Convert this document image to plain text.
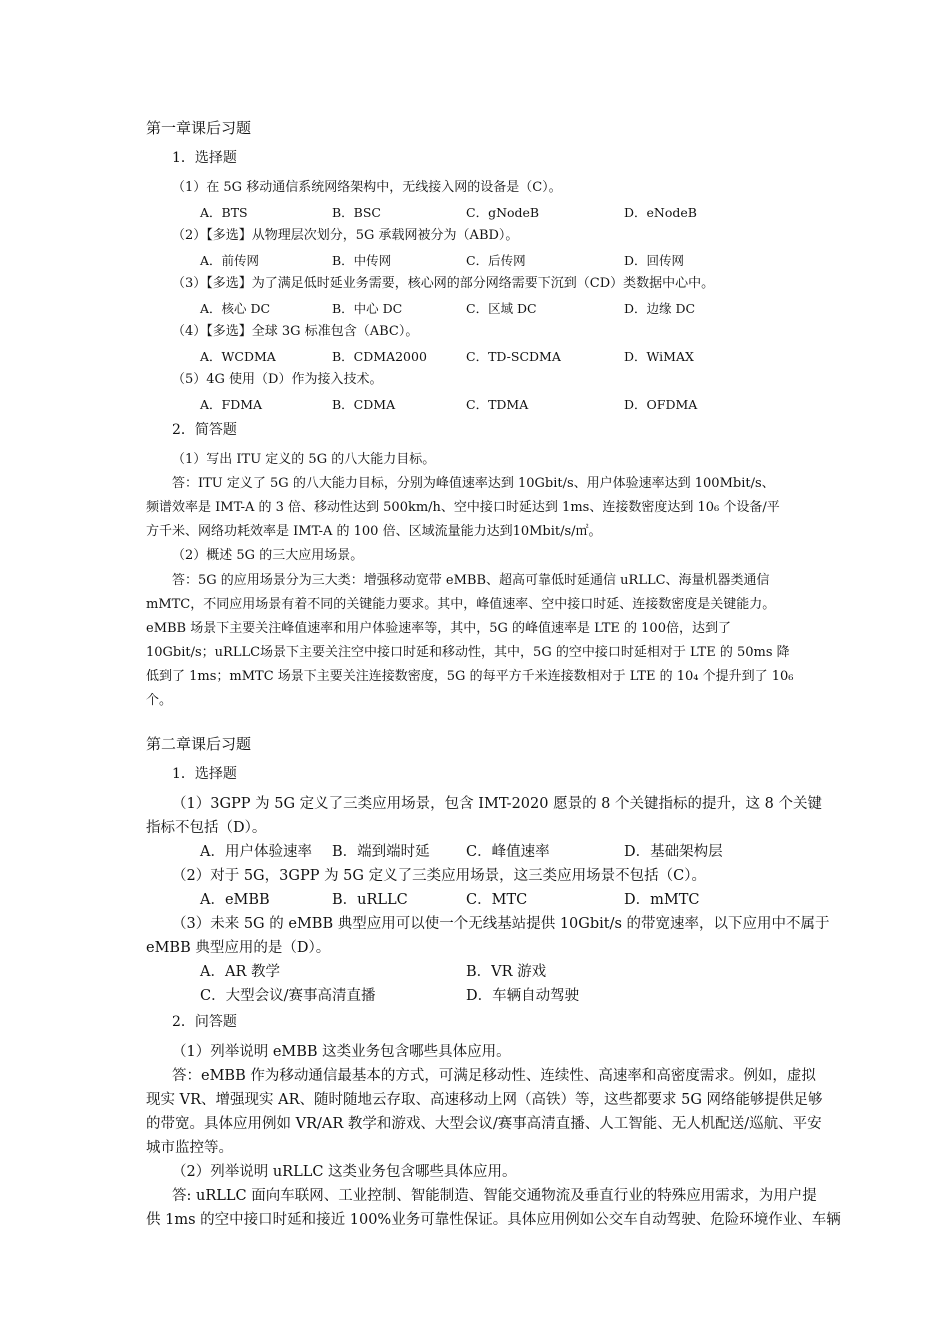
第一章课后习题
1．选择题
（1）在 5G 移动通信系统网络架构中，无线接入网的设备是（C）。
A．BTS	B．BSC	C．gNodeB	D．eNodeB
（2）【多选】从物理层次划分，5G 承载网被分为（ABD）。
A．前传网	B．中传网	C．后传网	D．回传网
（3）【多选】为了满足低时延业务需要，核心网的部分网络需要下沉到（CD）类数据中心中。
A．核心 DC	B．中心 DC	C．区域 DC	D．边缘 DC
（4）【多选】全球 3G 标准包含（ABC）。
A．WCDMA	B．CDMA2000	C．TD-SCDMA	D．WiMAX
（5）4G 使用（D）作为接入技术。
A．FDMA	B．CDMA	C．TDMA	D．OFDMA
2．简答题
（1）写出 ITU 定义的 5G 的八大能力目标。
答：ITU 定义了 5G 的八大能力目标，分别为峰值速率达到 10Gbit/s、用户体验速率达到 100Mbit/s、
频谱效率是 IMT-A 的 3 倍、移动性达到 500km/h、空中接口时延达到 1ms、连接数密度达到 10₆ 个设备/平
方千米、网络功耗效率是 IMT-A 的 100 倍、区域流量能力达到10Mbit/s/㎡。
（2）概述 5G 的三大应用场景。
答：5G 的应用场景分为三大类：增强移动宽带 eMBB、超高可靠低时延通信 uRLLC、海量机器类通信
mMTC，不同应用场景有着不同的关键能力要求。其中，峰值速率、空中接口时延、连接数密度是关键能力。
eMBB 场景下主要关注峰值速率和用户体验速率等，其中，5G 的峰值速率是 LTE 的 100倍，达到了
10Gbit/s；uRLLC场景下主要关注空中接口时延和移动性，其中，5G 的空中接口时延相对于 LTE 的 50ms 降
低到了 1ms；mMTC 场景下主要关注连接数密度，5G 的每平方千米连接数相对于 LTE 的 10₄ 个提升到了 10₆
个。
第二章课后习题
1．选择题
（1）3GPP 为 5G 定义了三类应用场景，包含 IMT-2020 愿景的 8 个关键指标的提升，这 8 个关键
指标不包括（D）。
A．用户体验速率 B．端到端时延	C．峰值速率	D．基础架构层
（2）对于 5G，3GPP 为 5G 定义了三类应用场景，这三类应用场景不包括（C）。
A．eMBB	B．uRLLC	C．MTC	D．mMTC
（3）未来 5G 的 eMBB 典型应用可以使一个无线基站提供 10Gbit/s 的带宽速率，以下应用中不属于
eMBB 典型应用的是（D）。
A．AR 教学	B．VR 游戏
C．大型会议/赛事高清直播	D．车辆自动驾驶
2．问答题
（1）列举说明 eMBB 这类业务包含哪些具体应用。
答：eMBB 作为移动通信最基本的方式，可满足移动性、连续性、高速率和高密度需求。例如，虚拟
现实 VR、增强现实 AR、随时随地云存取、高速移动上网（高铁）等，这些都要求 5G 网络能够提供足够
的带宽。具体应用例如 VR/AR 教学和游戏、大型会议/赛事高清直播、人工智能、无人机配送/巡航、平安
城市监控等。
（2）列举说明 uRLLC 这类业务包含哪些具体应用。
答: uRLLC 面向车联网、工业控制、智能制造、智能交通物流及垂直行业的特殊应用需求，为用户提
供 1ms 的空中接口时延和接近 100%业务可靠性保证。具体应用例如公交车自动驾驶、危险环境作业、车辆
